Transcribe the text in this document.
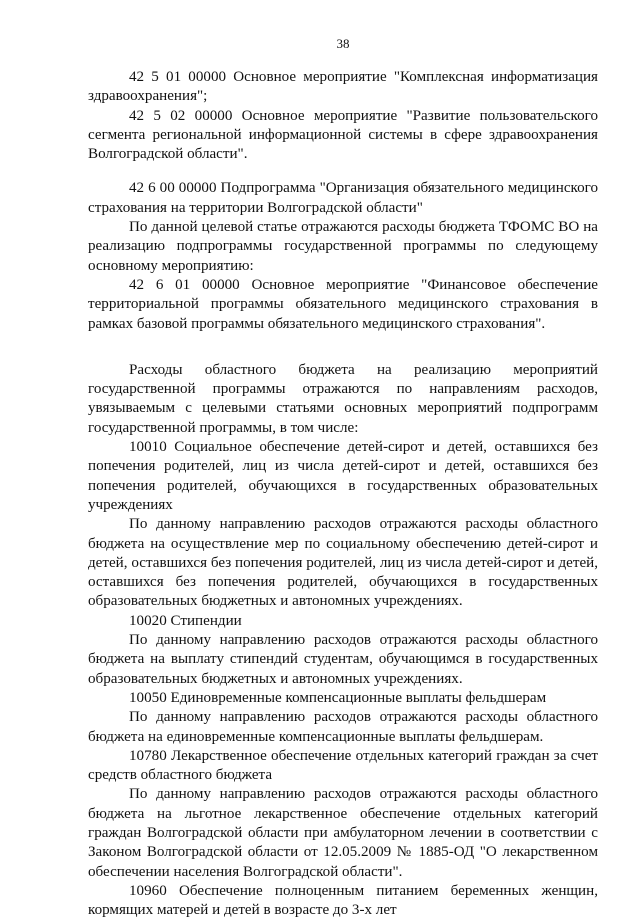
38

42 5 01 00000 Основное мероприятие "Комплексная информатизация здравоохранения";

42 5 02 00000 Основное мероприятие "Развитие пользовательского сегмента региональной информационной системы в сфере здравоохранения Волгоградской области".

42 6 00 00000 Подпрограмма "Организация обязательного медицинского страхования на территории Волгоградской области"

По данной целевой статье отражаются расходы бюджета ТФОМС ВО на реализацию подпрограммы государственной программы по следующему основному мероприятию:

42 6 01 00000 Основное мероприятие "Финансовое обеспечение территориальной программы обязательного медицинского страхования в рамках базовой программы обязательного медицинского страхования".

Расходы областного бюджета на реализацию мероприятий государственной программы отражаются по направлениям расходов, увязываемым с целевыми статьями основных мероприятий подпрограмм государственной программы, в том числе:

10010 Социальное обеспечение детей-сирот и детей, оставшихся без попечения родителей, лиц из числа детей-сирот и детей, оставшихся без попечения родителей, обучающихся в государственных образовательных учреждениях

По данному направлению расходов отражаются расходы областного бюджета на осуществление мер по социальному обеспечению детей-сирот и детей, оставшихся без попечения родителей, лиц из числа детей-сирот и детей, оставшихся без попечения родителей, обучающихся в государственных образовательных бюджетных и автономных учреждениях.

10020 Стипендии

По данному направлению расходов отражаются расходы областного бюджета на выплату стипендий студентам, обучающимся в государственных образовательных бюджетных и автономных учреждениях.

10050 Единовременные компенсационные выплаты фельдшерам

По данному направлению расходов отражаются расходы областного бюджета на единовременные компенсационные выплаты фельдшерам.

10780 Лекарственное обеспечение отдельных категорий граждан за счет средств областного бюджета

По данному направлению расходов отражаются расходы областного бюджета на льготное лекарственное обеспечение отдельных категорий граждан Волгоградской области при амбулаторном лечении в соответствии с Законом Волгоградской области от 12.05.2009 № 1885-ОД "О лекарственном обеспечении населения Волгоградской области".

10960 Обеспечение полноценным питанием беременных женщин, кормящих матерей и детей в возрасте до 3-х лет
